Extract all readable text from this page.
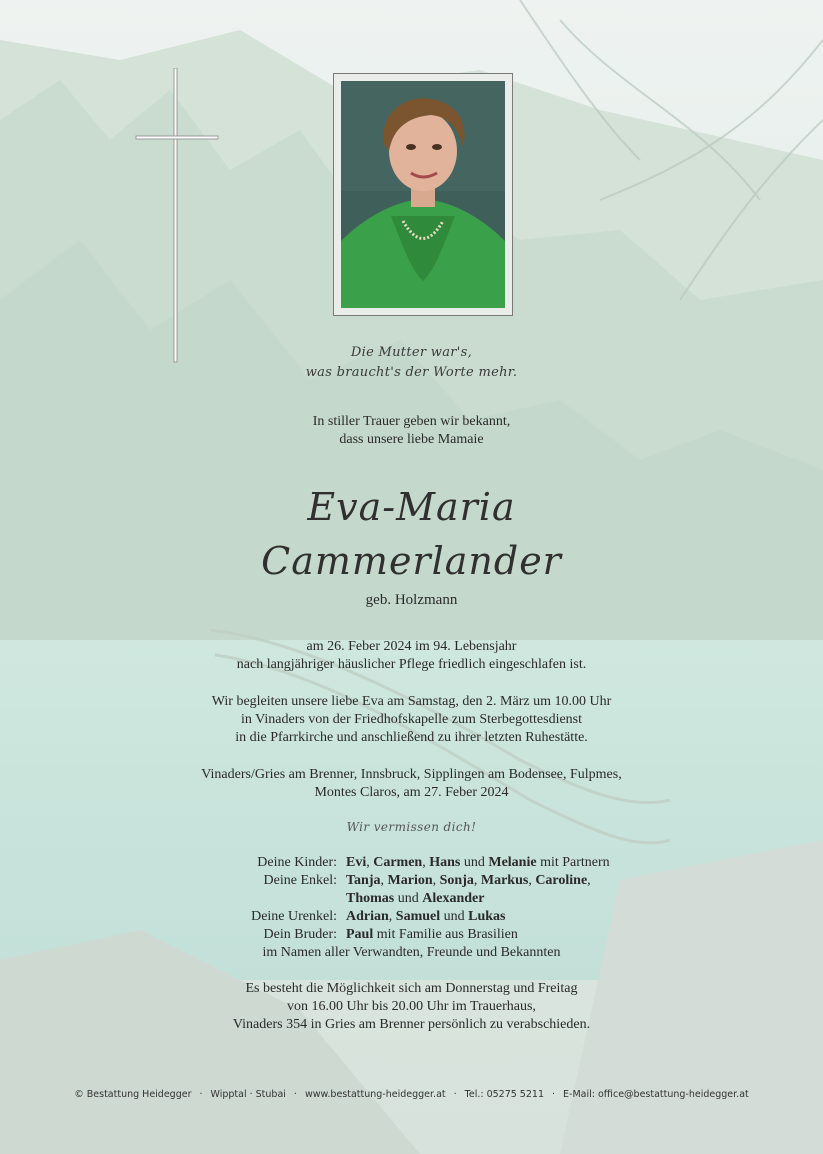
Die Mutter war's,
was braucht's der Worte mehr.
In stiller Trauer geben wir bekannt,
dass unsere liebe Mamaie
Eva-Maria
Cammerlander
geb. Holzmann
am 26. Feber 2024 im 94. Lebensjahr
nach langjähriger häuslicher Pflege friedlich eingeschlafen ist.
Wir begleiten unsere liebe Eva am Samstag, den 2. März um 10.00 Uhr
in Vinaders von der Friedhofskapelle zum Sterbegottesdienst
in die Pfarrkirche und anschließend zu ihrer letzten Ruhestätte.
Vinaders/Gries am Brenner, Innsbruck, Sipplingen am Bodensee, Fulpmes,
Montes Claros, am 27. Feber 2024
Wir vermissen dich!
Deine Kinder: Evi, Carmen, Hans und Melanie mit Partnern
Deine Enkel: Tanja, Marion, Sonja, Markus, Caroline,
Thomas und Alexander
Deine Urenkel: Adrian, Samuel und Lukas
Dein Bruder: Paul mit Familie aus Brasilien
im Namen aller Verwandten, Freunde und Bekannten
Es besteht die Möglichkeit sich am Donnerstag und Freitag
von 16.00 Uhr bis 20.00 Uhr im Trauerhaus,
Vinaders 354 in Gries am Brenner persönlich zu verabschieden.
© Bestattung Heidegger · Wipptal · Stubai · www.bestattung-heidegger.at · Tel.: 05275 5211 · E-Mail: office@bestattung-heidegger.at
